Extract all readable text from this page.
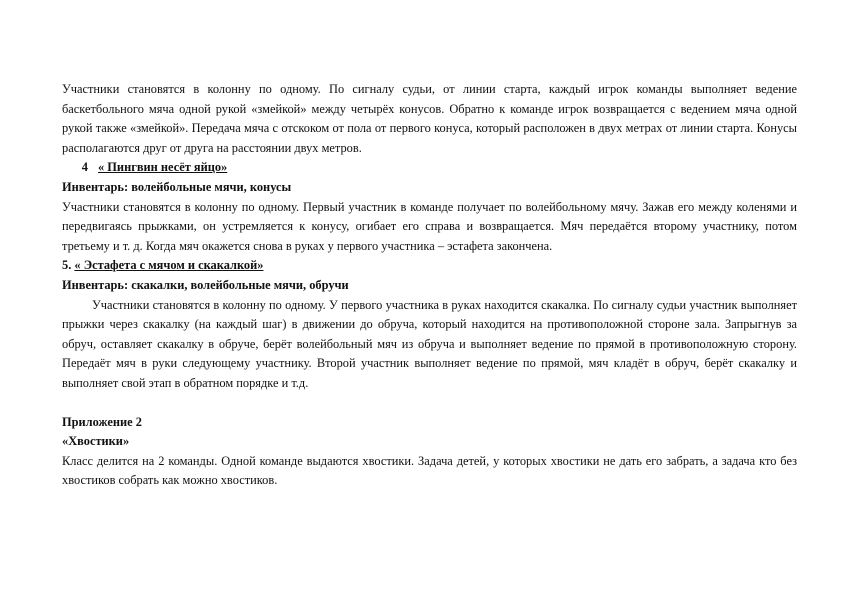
Участники становятся в колонну по одному. По сигналу судьи, от линии старта, каждый игрок команды выполняет ведение баскетбольного мяча одной рукой «змейкой» между четырёх конусов. Обратно к команде игрок возвращается с ведением мяча одной рукой также «змейкой». Передача мяча с отскоком от пола от первого конуса, который расположен в двух метрах от линии старта. Конусы располагаются друг от друга на расстоянии двух метров.

4 « Пингвин несёт яйцо»

Инвентарь: волейбольные мячи, конусы

Участники становятся в колонну по одному. Первый участник в команде получает по волейбольному мячу. Зажав его между коленями и передвигаясь прыжками, он устремляется к конусу, огибает его справа и возвращается. Мяч передаётся второму участнику, потом третьему и т. д. Когда мяч окажется снова в руках у первого участника – эстафета закончена.

5. « Эстафета с мячом и скакалкой»

Инвентарь: скакалки, волейбольные мячи, обручи

Участники становятся в колонну по одному. У первого участника в руках находится скакалка. По сигналу судьи участник выполняет прыжки через скакалку (на каждый шаг) в движении до обруча, который находится на противоположной стороне зала. Запрыгнув за обруч, оставляет скакалку в обруче, берёт волейбольный мяч из обруча и выполняет ведение по прямой в противоположную сторону. Передаёт мяч в руки следующему участнику. Второй участник выполняет ведение по прямой, мяч кладёт в обруч, берёт скакалку и выполняет свой этап в обратном порядке и т.д.

Приложение 2

«Хвостики»

Класс делится на 2 команды. Одной команде выдаются хвостики. Задача детей, у которых хвостики не дать его забрать, а задача кто без хвостиков собрать как можно хвостиков.
